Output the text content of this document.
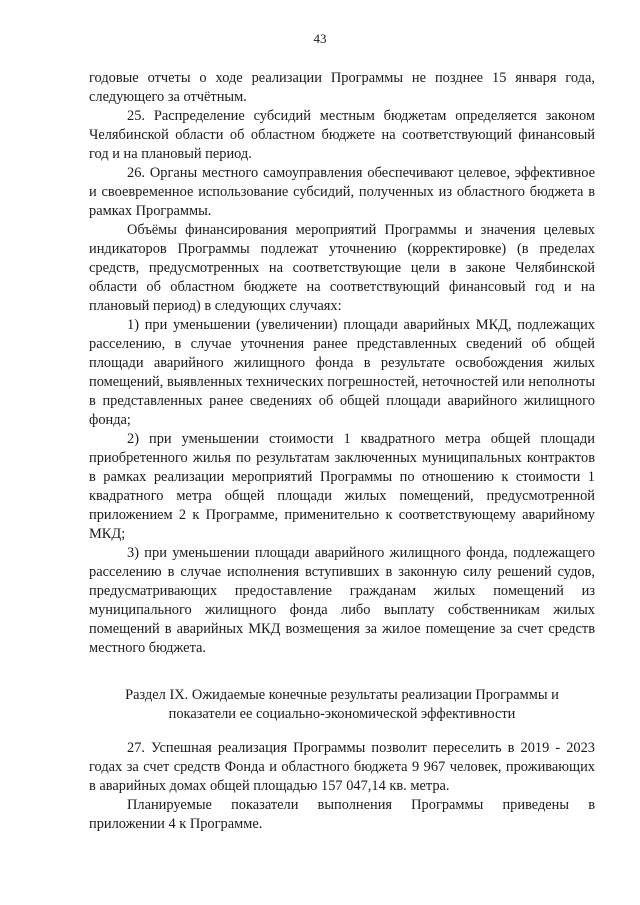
43

годовые отчеты о ходе реализации Программы не позднее 15 января года, следующего за отчётным.

25. Распределение субсидий местным бюджетам определяется законом Челябинской области об областном бюджете на соответствующий финансовый год и на плановый период.

26. Органы местного самоуправления обеспечивают целевое, эффективное и своевременное использование субсидий, полученных из областного бюджета в рамках Программы.

Объёмы финансирования мероприятий Программы и значения целевых индикаторов Программы подлежат уточнению (корректировке) (в пределах средств, предусмотренных на соответствующие цели в законе Челябинской области об областном бюджете на соответствующий финансовый год и на плановый период) в следующих случаях:

1) при уменьшении (увеличении) площади аварийных МКД, подлежащих расселению, в случае уточнения ранее представленных сведений об общей площади аварийного жилищного фонда в результате освобождения жилых помещений, выявленных технических погрешностей, неточностей или неполноты в представленных ранее сведениях об общей площади аварийного жилищного фонда;

2) при уменьшении стоимости 1 квадратного метра общей площади приобретенного жилья по результатам заключенных муниципальных контрактов в рамках реализации мероприятий Программы по отношению к стоимости 1 квадратного метра общей площади жилых помещений, предусмотренной приложением 2 к Программе, применительно к соответствующему аварийному МКД;

3) при уменьшении площади аварийного жилищного фонда, подлежащего расселению в случае исполнения вступивших в законную силу решений судов, предусматривающих предоставление гражданам жилых помещений из муниципального жилищного фонда либо выплату собственникам жилых помещений в аварийных МКД возмещения за жилое помещение за счет средств местного бюджета.

Раздел IX. Ожидаемые конечные результаты реализации Программы и
показатели ее социально-экономической эффективности

27. Успешная реализация Программы позволит переселить в 2019 - 2023 годах за счет средств Фонда и областного бюджета 9 967 человек, проживающих в аварийных домах общей площадью 157 047,14 кв. метра.

Планируемые показатели выполнения Программы приведены в приложении 4 к Программе.
